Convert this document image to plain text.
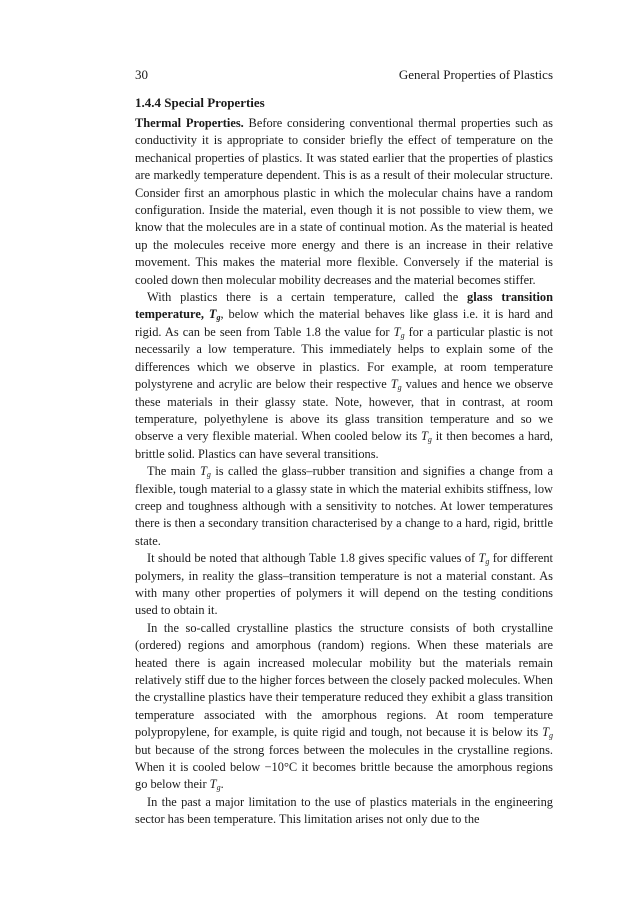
30	General Properties of Plastics
1.4.4 Special Properties

Thermal Properties. Before considering conventional thermal properties such as conductivity it is appropriate to consider briefly the effect of temperature on the mechanical properties of plastics. It was stated earlier that the properties of plastics are markedly temperature dependent. This is as a result of their molecular structure. Consider first an amorphous plastic in which the molecular chains have a random configuration. Inside the material, even though it is not possible to view them, we know that the molecules are in a state of continual motion. As the material is heated up the molecules receive more energy and there is an increase in their relative movement. This makes the material more flexible. Conversely if the material is cooled down then molecular mobility decreases and the material becomes stiffer.

With plastics there is a certain temperature, called the glass transition temperature, $T_g$, below which the material behaves like glass i.e. it is hard and rigid. As can be seen from Table 1.8 the value for $T_g$ for a particular plastic is not necessarily a low temperature. This immediately helps to explain some of the differences which we observe in plastics. For example, at room temperature polystyrene and acrylic are below their respective $T_g$ values and hence we observe these materials in their glassy state. Note, however, that in contrast, at room temperature, polyethylene is above its glass transition temperature and so we observe a very flexible material. When cooled below its $T_g$ it then becomes a hard, brittle solid. Plastics can have several transitions.

The main $T_g$ is called the glass–rubber transition and signifies a change from a flexible, tough material to a glassy state in which the material exhibits stiffness, low creep and toughness although with a sensitivity to notches. At lower temperatures there is then a secondary transition characterised by a change to a hard, rigid, brittle state.

It should be noted that although Table 1.8 gives specific values of $T_g$ for different polymers, in reality the glass–transition temperature is not a material constant. As with many other properties of polymers it will depend on the testing conditions used to obtain it.

In the so-called crystalline plastics the structure consists of both crystalline (ordered) regions and amorphous (random) regions. When these materials are heated there is again increased molecular mobility but the materials remain relatively stiff due to the higher forces between the closely packed molecules. When the crystalline plastics have their temperature reduced they exhibit a glass transition temperature associated with the amorphous regions. At room temperature polypropylene, for example, is quite rigid and tough, not because it is below its $T_g$ but because of the strong forces between the molecules in the crystalline regions. When it is cooled below −10°C it becomes brittle because the amorphous regions go below their $T_g$.

In the past a major limitation to the use of plastics materials in the engineering sector has been temperature. This limitation arises not only due to the
